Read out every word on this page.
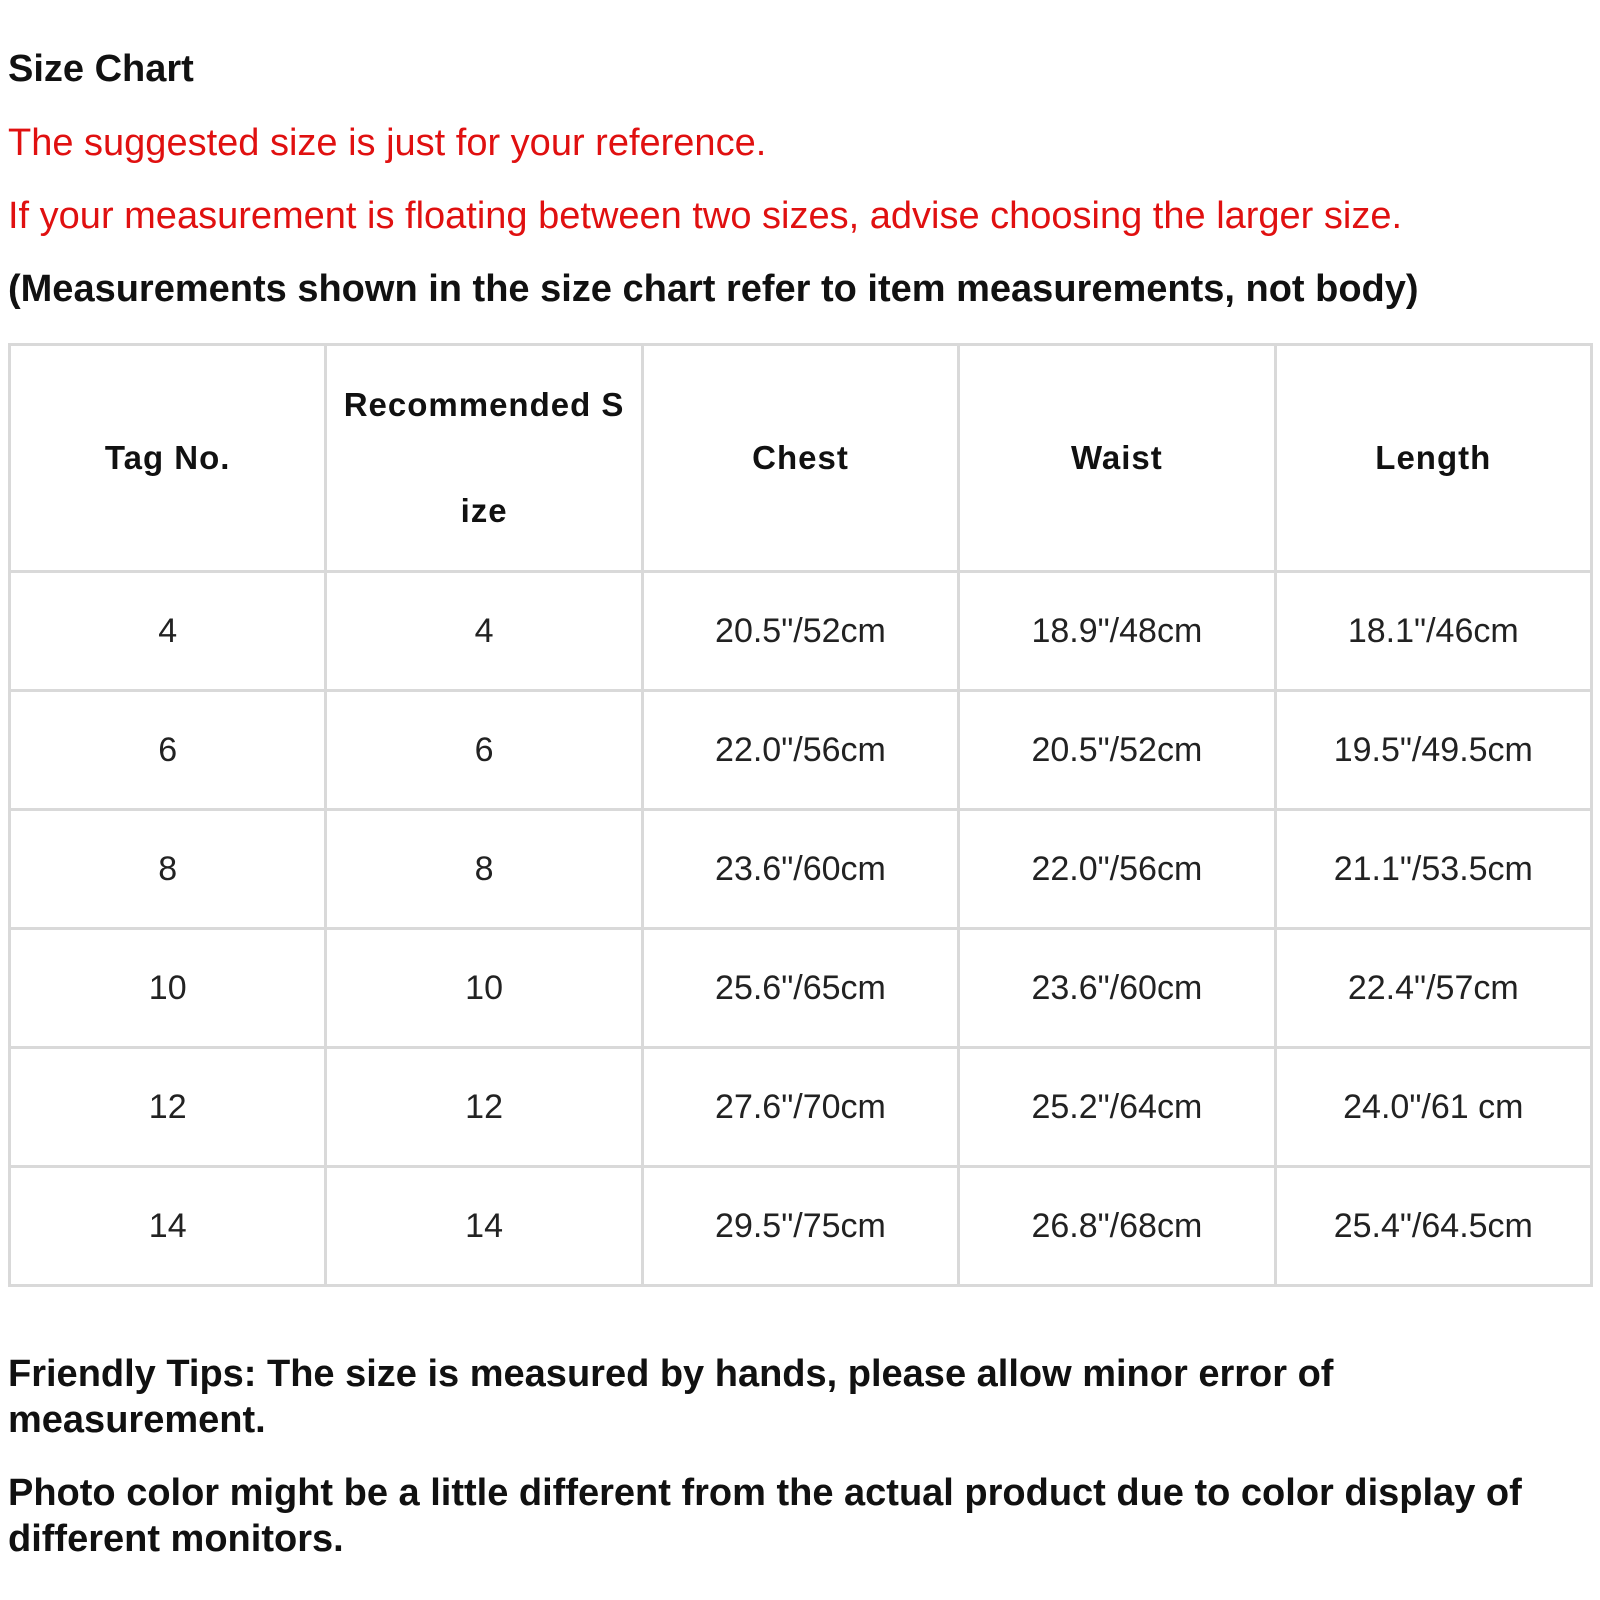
Size Chart
The suggested size is just for your reference.
If your measurement is floating between two sizes, advise choosing the larger size.
(Measurements shown in the size chart refer to item measurements, not body)
Tag No.	Recommended Size	Chest	Waist	Length
4	4	20.5"/52cm	18.9"/48cm	18.1"/46cm
6	6	22.0"/56cm	20.5"/52cm	19.5"/49.5cm
8	8	23.6"/60cm	22.0"/56cm	21.1"/53.5cm
10	10	25.6"/65cm	23.6"/60cm	22.4"/57cm
12	12	27.6"/70cm	25.2"/64cm	24.0"/61 cm
14	14	29.5"/75cm	26.8"/68cm	25.4"/64.5cm
Friendly Tips: The size is measured by hands, please allow minor error of measurement.
Photo color might be a little different from the actual product due to color display of different monitors.
